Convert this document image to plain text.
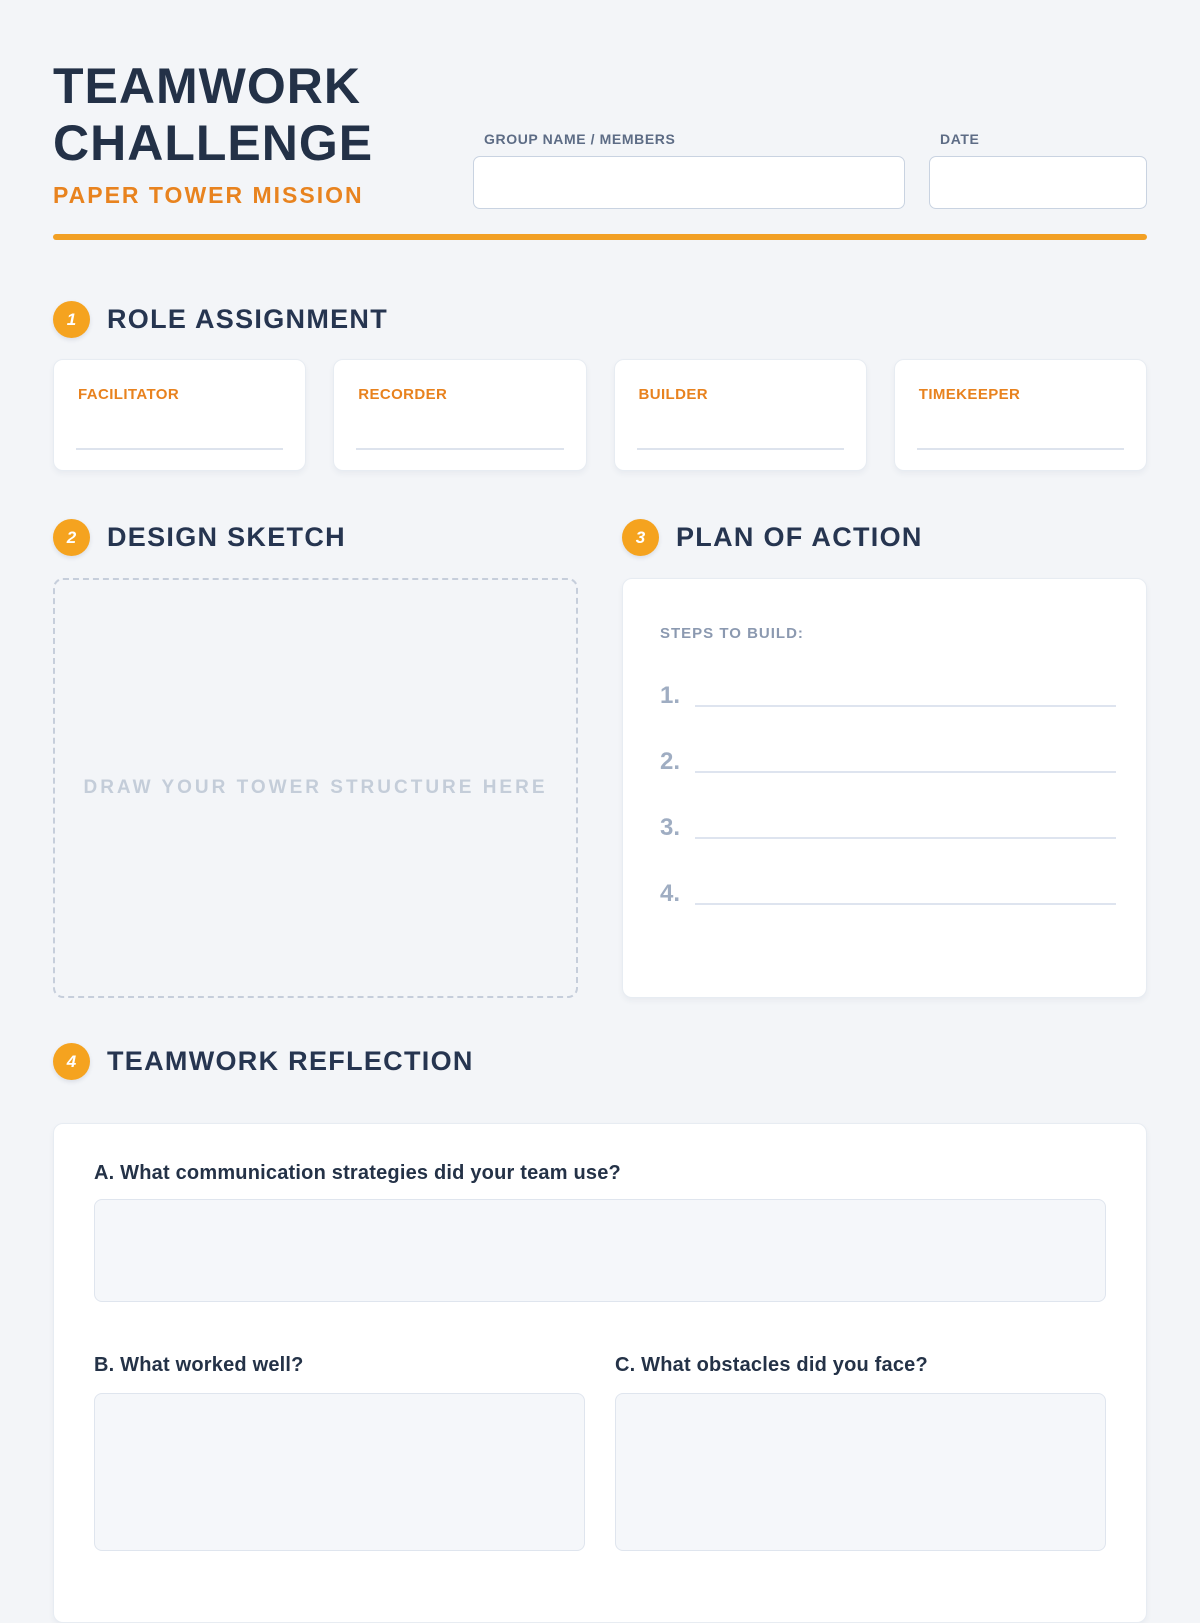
TEAMWORK
CHALLENGE
PAPER TOWER MISSION
GROUP NAME / MEMBERS	DATE
1	ROLE ASSIGNMENT
FACILITATOR	RECORDER	BUILDER	TIMEKEEPER
2	DESIGN SKETCH
DRAW YOUR TOWER STRUCTURE HERE
3	PLAN OF ACTION
STEPS TO BUILD:
1.
2.
3.
4.
4	TEAMWORK REFLECTION
A. What communication strategies did your team use?
B. What worked well?	C. What obstacles did you face?
